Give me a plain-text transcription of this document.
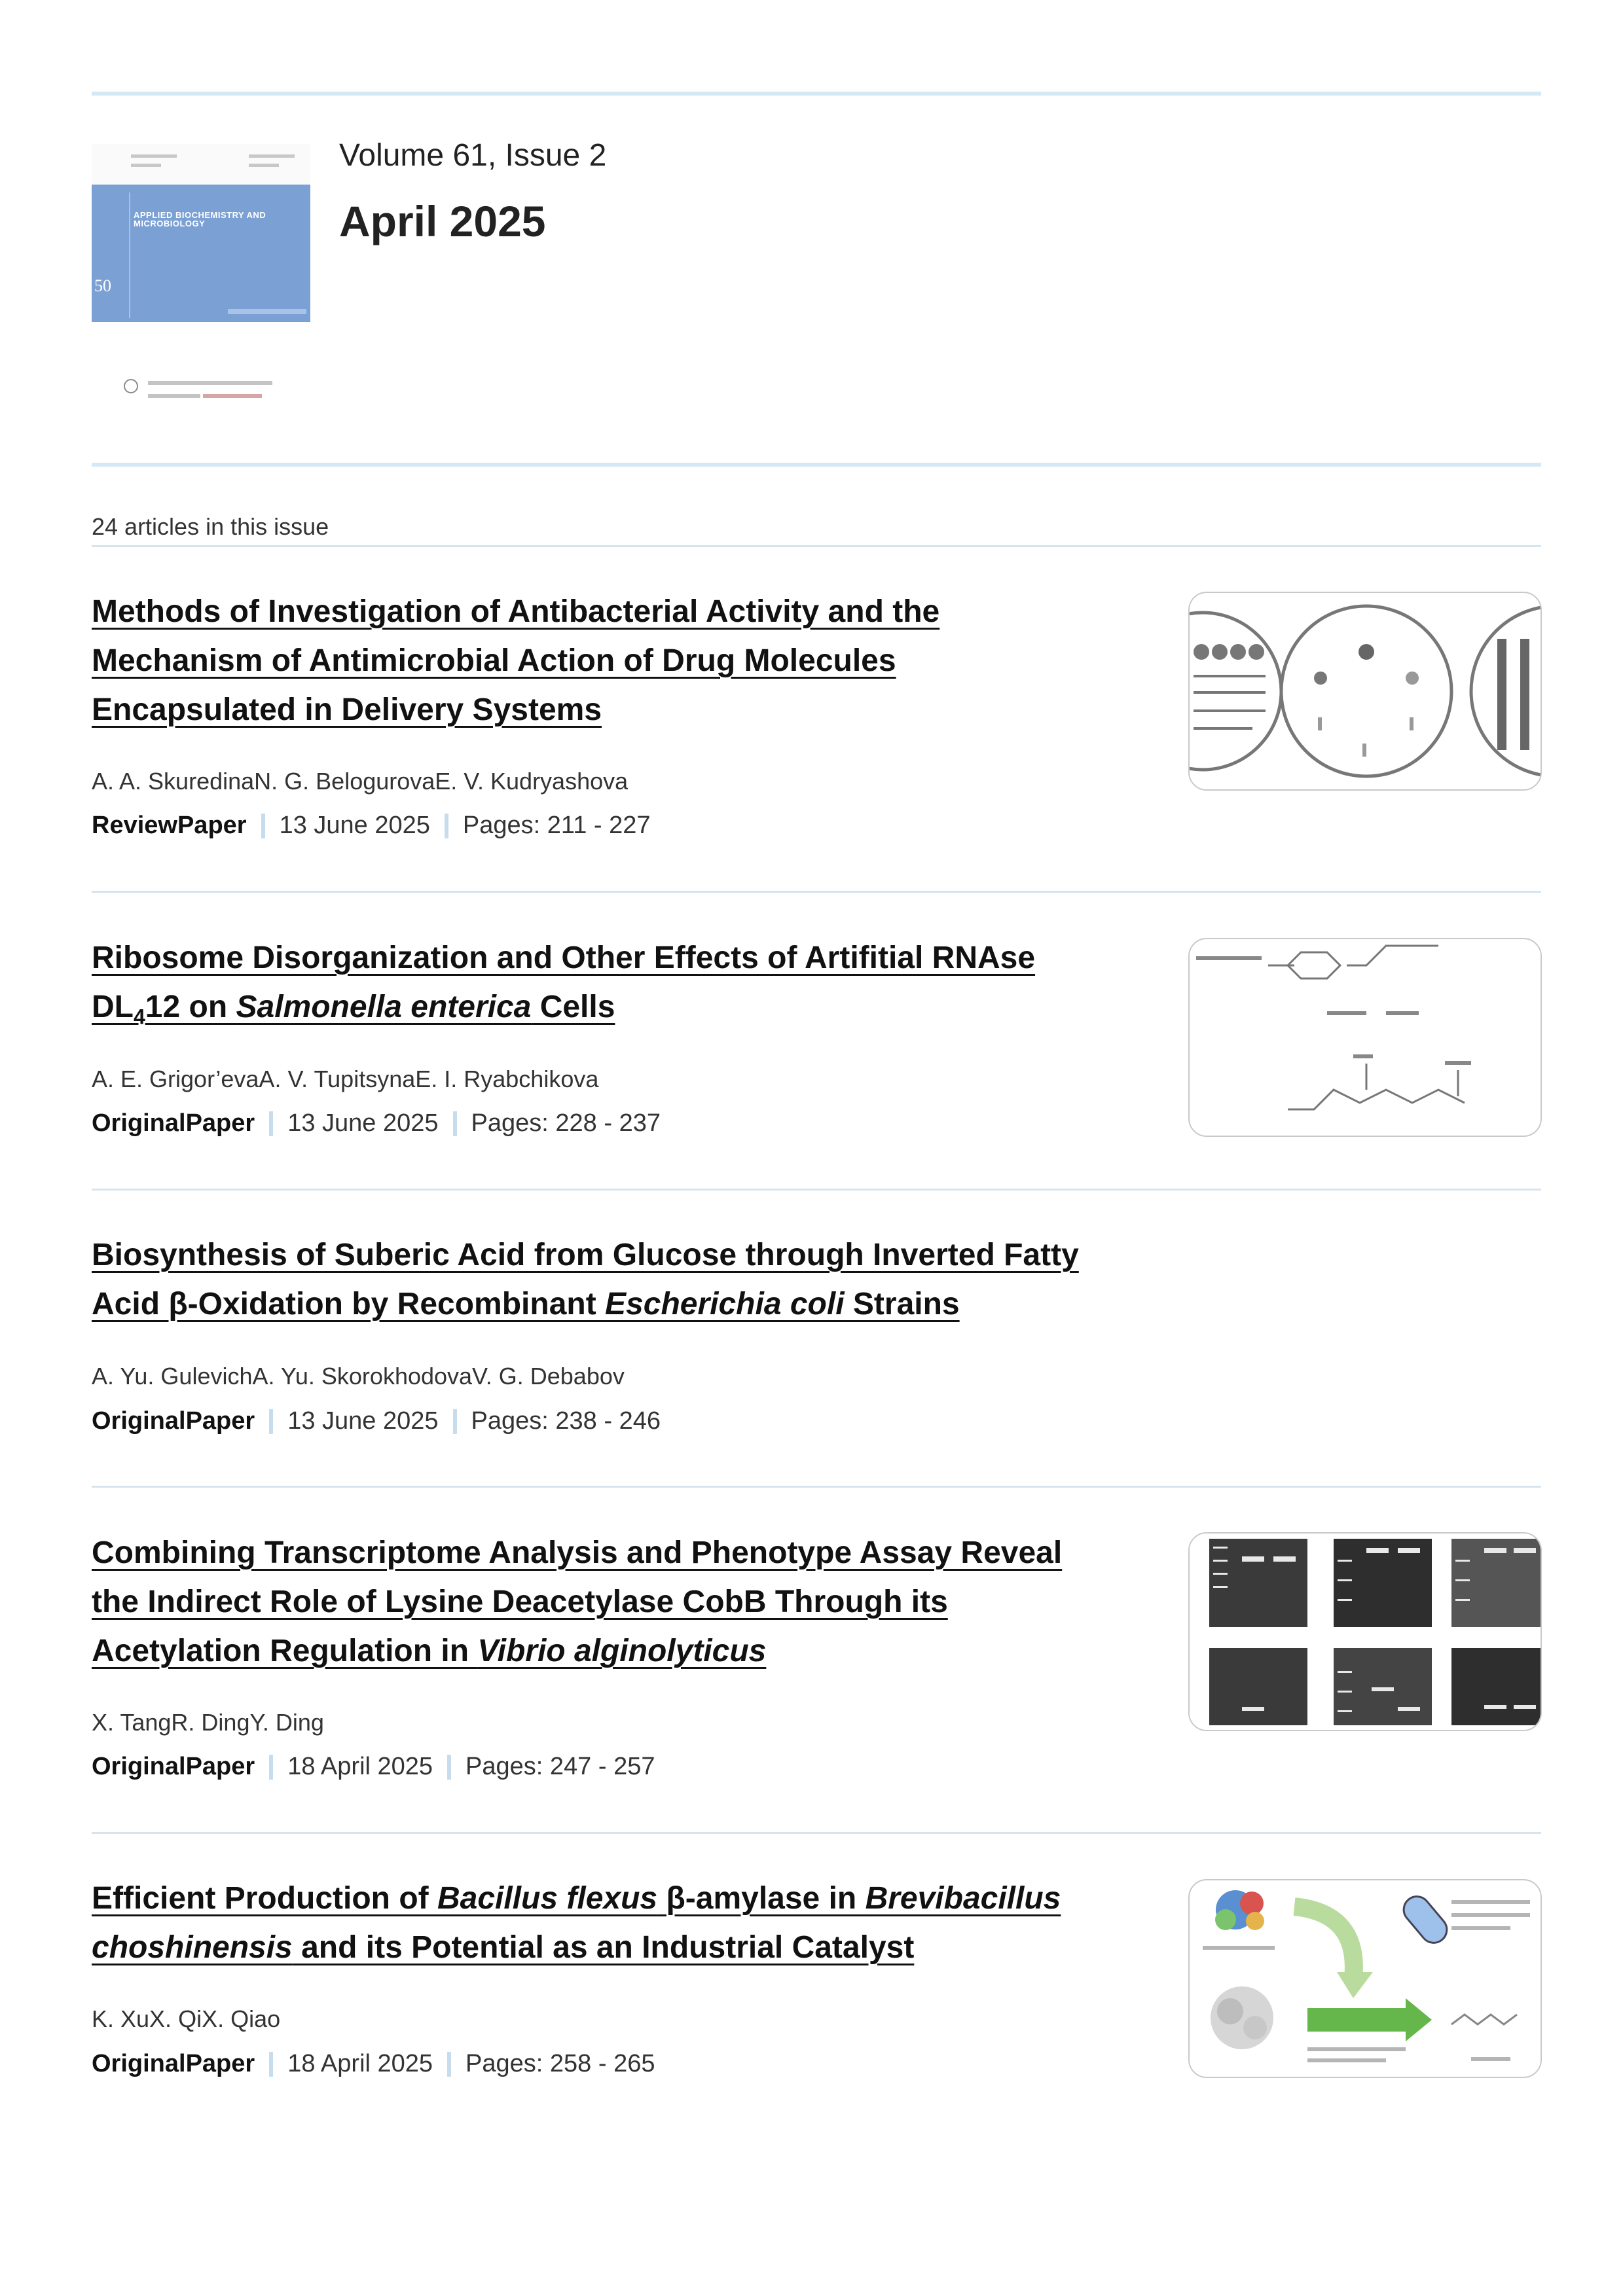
APPLIED BIOCHEMISTRY AND MICROBIOLOGY
50
Volume 61, Issue 2
April 2025
24 articles in this issue
Methods of Investigation of Antibacterial Activity and the
Mechanism of Antimicrobial Action of Drug Molecules
Encapsulated in Delivery Systems
A. A. SkuredinaN. G. BelogurovaE. V. Kudryashova
ReviewPaper 13 June 2025 Pages: 211 - 227
Ribosome Disorganization and Other Effects of Artifitial RNAse
$DL_412$ on Salmonella enterica Cells
A. E. Grigor’evaA. V. TupitsynaE. I. Ryabchikova
OriginalPaper 13 June 2025 Pages: 228 - 237
Biosynthesis of Suberic Acid from Glucose through Inverted Fatty
Acid β-Oxidation by Recombinant Escherichia coli Strains
A. Yu. GulevichA. Yu. SkorokhodovaV. G. Debabov
OriginalPaper 13 June 2025 Pages: 238 - 246
Combining Transcriptome Analysis and Phenotype Assay Reveal
the Indirect Role of Lysine Deacetylase CobB Through its
Acetylation Regulation in Vibrio alginolyticus
X. TangR. DingY. Ding
OriginalPaper 18 April 2025 Pages: 247 - 257
Efficient Production of Bacillus flexus β-amylase in Brevibacillus
choshinensis and its Potential as an Industrial Catalyst
K. XuX. QiX. Qiao
OriginalPaper 18 April 2025 Pages: 258 - 265
